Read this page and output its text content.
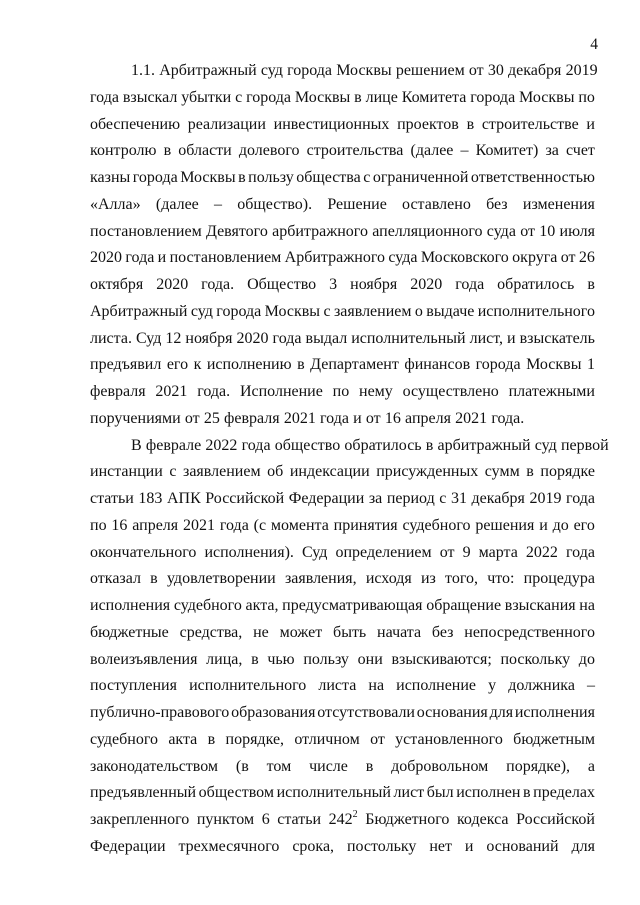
4
1.1. Арбитражный суд города Москвы решением от 30 декабря 2019
года взыскал убытки с города Москвы в лице Комитета города Москвы по
обеспечению реализации инвестиционных проектов в строительстве и
контролю в области долевого строительства (далее – Комитет) за счет
казны города Москвы в пользу общества с ограниченной ответственностью
«Алла» (далее – общество). Решение оставлено без изменения
постановлением Девятого арбитражного апелляционного суда от 10 июля
2020 года и постановлением Арбитражного суда Московского округа от 26
октября 2020 года. Общество 3 ноября 2020 года обратилось в
Арбитражный суд города Москвы с заявлением о выдаче исполнительного
листа. Суд 12 ноября 2020 года выдал исполнительный лист, и взыскатель
предъявил его к исполнению в Департамент финансов города Москвы 1
февраля 2021 года. Исполнение по нему осуществлено платежными
поручениями от 25 февраля 2021 года и от 16 апреля 2021 года.
В феврале 2022 года общество обратилось в арбитражный суд первой
инстанции с заявлением об индексации присужденных сумм в порядке
статьи 183 АПК Российской Федерации за период с 31 декабря 2019 года
по 16 апреля 2021 года (с момента принятия судебного решения и до его
окончательного исполнения). Суд определением от 9 марта 2022 года
отказал в удовлетворении заявления, исходя из того, что: процедура
исполнения судебного акта, предусматривающая обращение взыскания на
бюджетные средства, не может быть начата без непосредственного
волеизъявления лица, в чью пользу они взыскиваются; поскольку до
поступления исполнительного листа на исполнение у должника –
публично-правового образования отсутствовали основания для исполнения
судебного акта в порядке, отличном от установленного бюджетным
законодательством (в том числе в добровольном порядке), а
предъявленный обществом исполнительный лист был исполнен в пределах
закрепленного пунктом 6 статьи $242^2$ Бюджетного кодекса Российской
Федерации трехмесячного срока, постольку нет и оснований для
